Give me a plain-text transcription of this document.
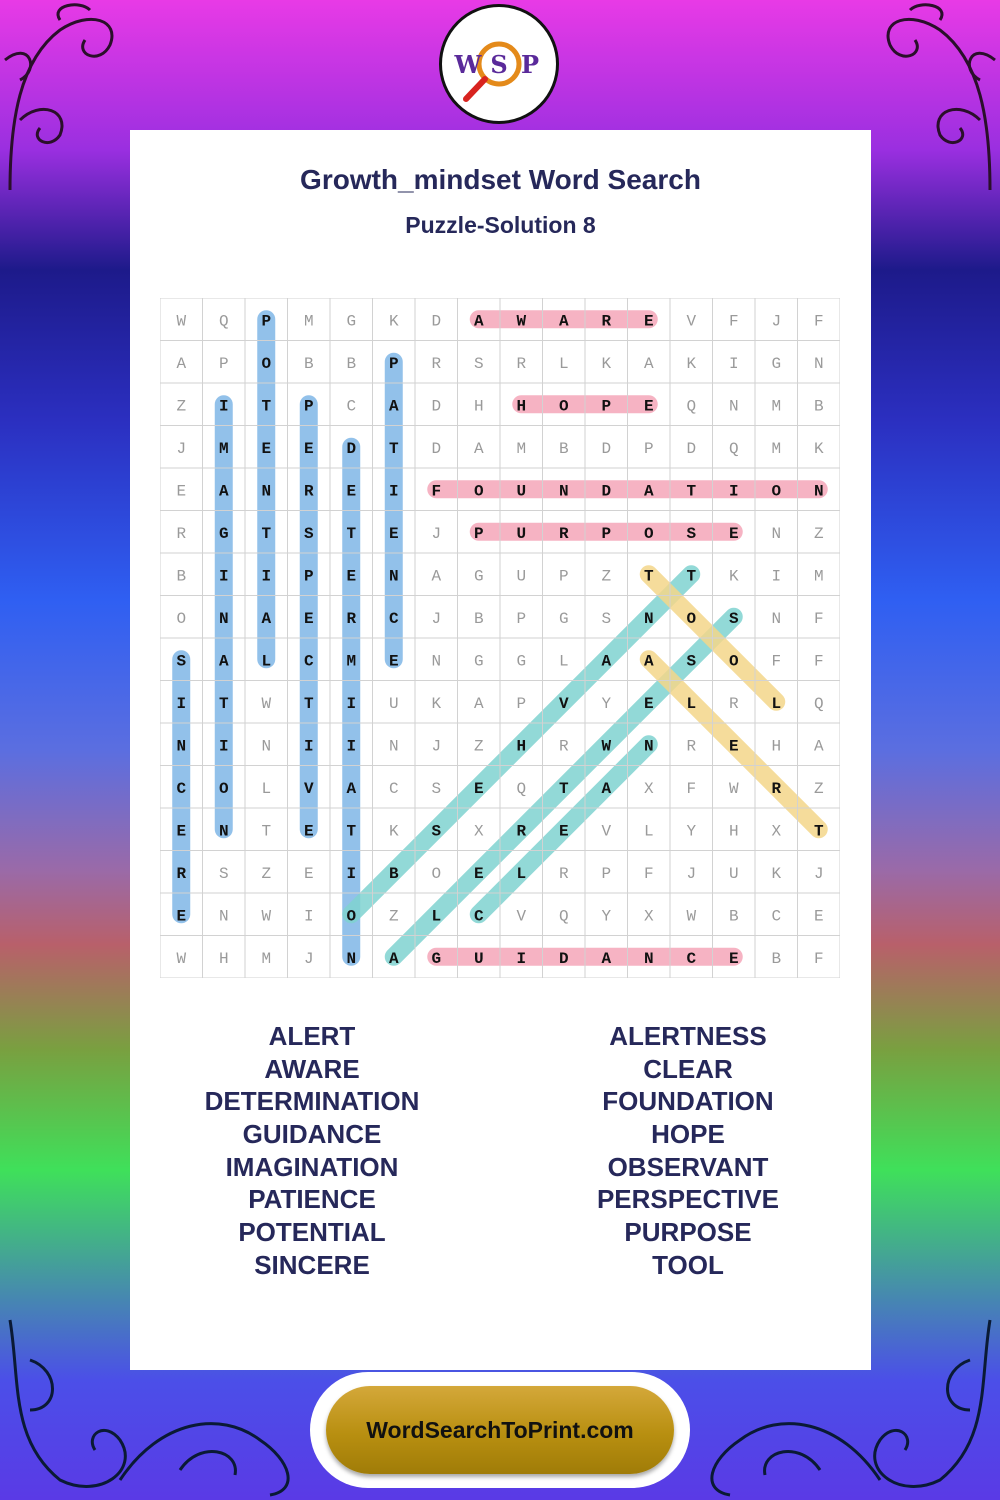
Growth_mindset Word Search
Puzzle-Solution 8
W Q P M G K D A W A R E V F J F
A P O B B P R S R L K A K I G N
Z I T P C A D H H O P E Q N M B
J M E E D T D A M B D P D Q M K
E A N R E I F O U N D A T I O N
R G T S T E J P U R P O S E N Z
B I I P E N A G U P Z T T K I M
O N A E R C J B P G S N O S N F
S A L C M E N G G L A A S O F F
I T W T I U K A P V Y E L R L Q
N I N I I N J Z H R W N R E H A
C O L V A C S E Q T A X F W R Z
E N T E T K S X R E V L Y H X T
R S Z E I B O E L R P F J U K J
E N W I O Z L C V Q Y X W B C E
W H M J N A G U I D A N C E B F
ALERT
AWARE
DETERMINATION
GUIDANCE
IMAGINATION
PATIENCE
POTENTIAL
SINCERE
ALERTNESS
CLEAR
FOUNDATION
HOPE
OBSERVANT
PERSPECTIVE
PURPOSE
TOOL
W S P
WordSearchToPrint.com
